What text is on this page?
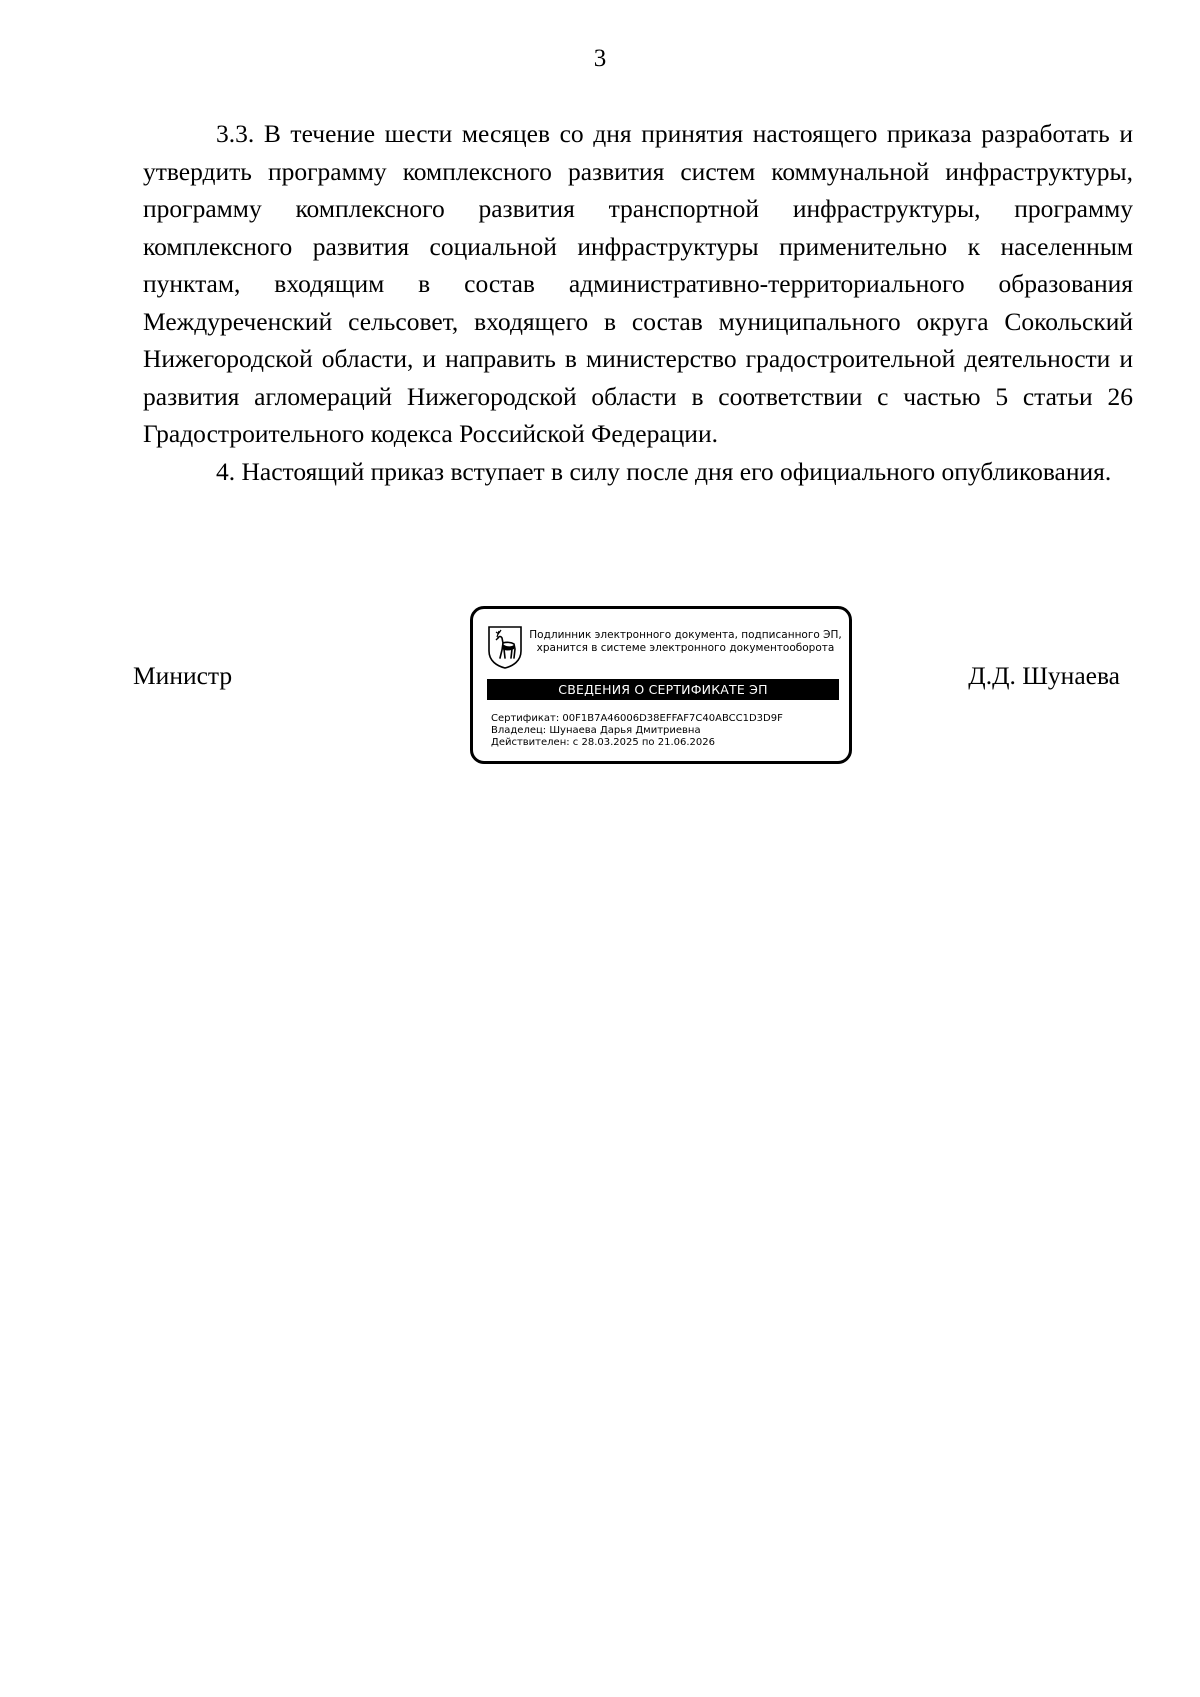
3

3.3. В течение шести месяцев со дня принятия настоящего приказа разработать и утвердить программу комплексного развития систем коммунальной инфраструктуры, программу комплексного развития транспортной инфраструктуры, программу комплексного развития социальной инфраструктуры применительно к населенным пунктам, входящим в состав административно-территориального образования Междуреченский сельсовет, входящего в состав муниципального округа Сокольский Нижегородской области, и направить в министерство градостроительной деятельности и развития агломераций Нижегородской области в соответствии с частью 5 статьи 26 Градостроительного кодекса Российской Федерации.

4. Настоящий приказ вступает в силу после дня его официального опубликования.

Министр
Подлинник электронного документа, подписанного ЭП,
хранится в системе электронного документооборота
СВЕДЕНИЯ О СЕРТИФИКАТЕ ЭП
Сертификат: 00F1B7A46006D38EFFAF7C40ABCC1D3D9F
Владелец: Шунаева Дарья Дмитриевна
Действителен: с 28.03.2025 по 21.06.2026
Д.Д. Шунаева
